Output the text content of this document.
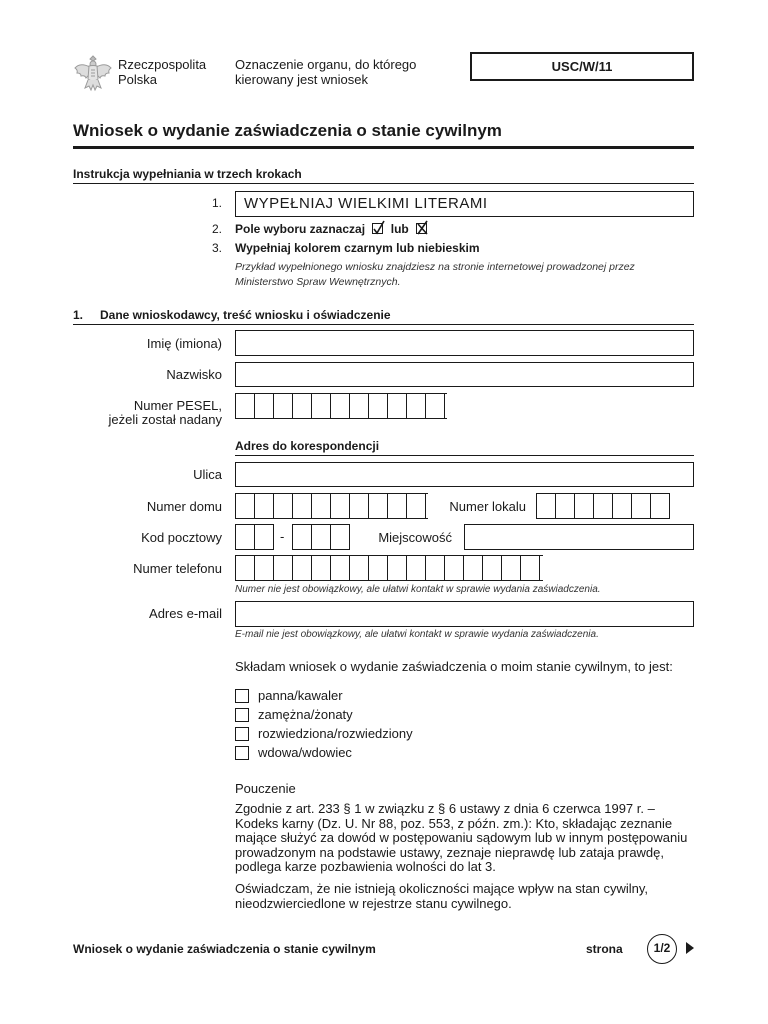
Rzeczpospolita
Polska
Oznaczenie organu, do którego kierowany jest wniosek
USC/W/11
Wniosek o wydanie zaświadczenia o stanie cywilnym
Instrukcja wypełniania w trzech krokach
1.	WYPEŁNIAJ WIELKIMI LITERAMI
2. Pole wyboru zaznaczaj lub
3. Wypełniaj kolorem czarnym lub niebieskim
Przykład wypełnionego wniosku znajdziesz na stronie internetowej prowadzonej przez Ministerstwo Spraw Wewnętrznych.
1. Dane wnioskodawcy, treść wniosku i oświadczenie
Imię (imiona)
Nazwisko
Numer PESEL,
jeżeli został nadany
Adres do korespondencji
Ulica
Numer domu	Numer lokalu
Kod pocztowy	-	Miejscowość
Numer telefonu
Numer nie jest obowiązkowy, ale ułatwi kontakt w sprawie wydania zaświadczenia.
Adres e-mail
E-mail nie jest obowiązkowy, ale ułatwi kontakt w sprawie wydania zaświadczenia.
Składam wniosek o wydanie zaświadczenia o moim stanie cywilnym, to jest:
panna/kawaler
zamężna/żonaty
rozwiedziona/rozwiedziony
wdowa/wdowiec
Pouczenie
Zgodnie z art. 233 § 1 w związku z § 6 ustawy z dnia 6 czerwca 1997 r. – Kodeks karny (Dz. U. Nr 88, poz. 553, z późn. zm.): Kto, składając zeznanie mające służyć za dowód w postępowaniu sądowym lub w innym postępowaniu prowadzonym na podstawie ustawy, zeznaje nieprawdę lub zataja prawdę, podlega karze pozbawienia wolności do lat 3.
Oświadczam, że nie istnieją okoliczności mające wpływ na stan cywilny, nieodzwierciedlone w rejestrze stanu cywilnego.
Wniosek o wydanie zaświadczenia o stanie cywilnym	strona	1/2
